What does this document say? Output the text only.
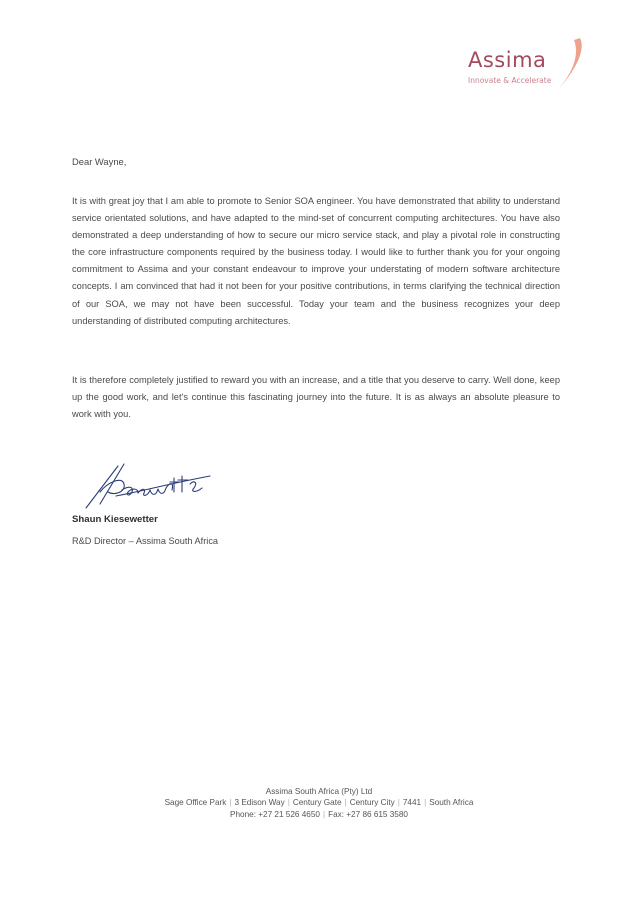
Assima
Innovate & Accelerate
Dear Wayne,
It is with great joy that I am able to promote to Senior SOA engineer. You have demonstrated that ability to understand service orientated solutions, and have adapted to the mind-set of concurrent computing architectures. You have also demonstrated a deep understanding of how to secure our micro service stack, and play a pivotal role in constructing the core infrastructure components required by the business today. I would like to further thank you for your ongoing commitment to Assima and your constant endeavour to improve your understating of modern software architecture concepts. I am convinced that had it not been for your positive contributions, in terms clarifying the technical direction of our SOA, we may not have been successful. Today your team and the business recognizes your deep understanding of distributed computing architectures.
It is therefore completely justified to reward you with an increase, and a title that you deserve to carry. Well done, keep up the good work, and let's continue this fascinating journey into the future. It is as always an absolute pleasure to work with you.
Shaun Kiesewetter
R&D Director – Assima South Africa
Assima South Africa (Pty) Ltd
Sage Office Park | 3 Edison Way | Century Gate | Century City | 7441 | South Africa
Phone: +27 21 526 4650 | Fax: +27 86 615 3580
